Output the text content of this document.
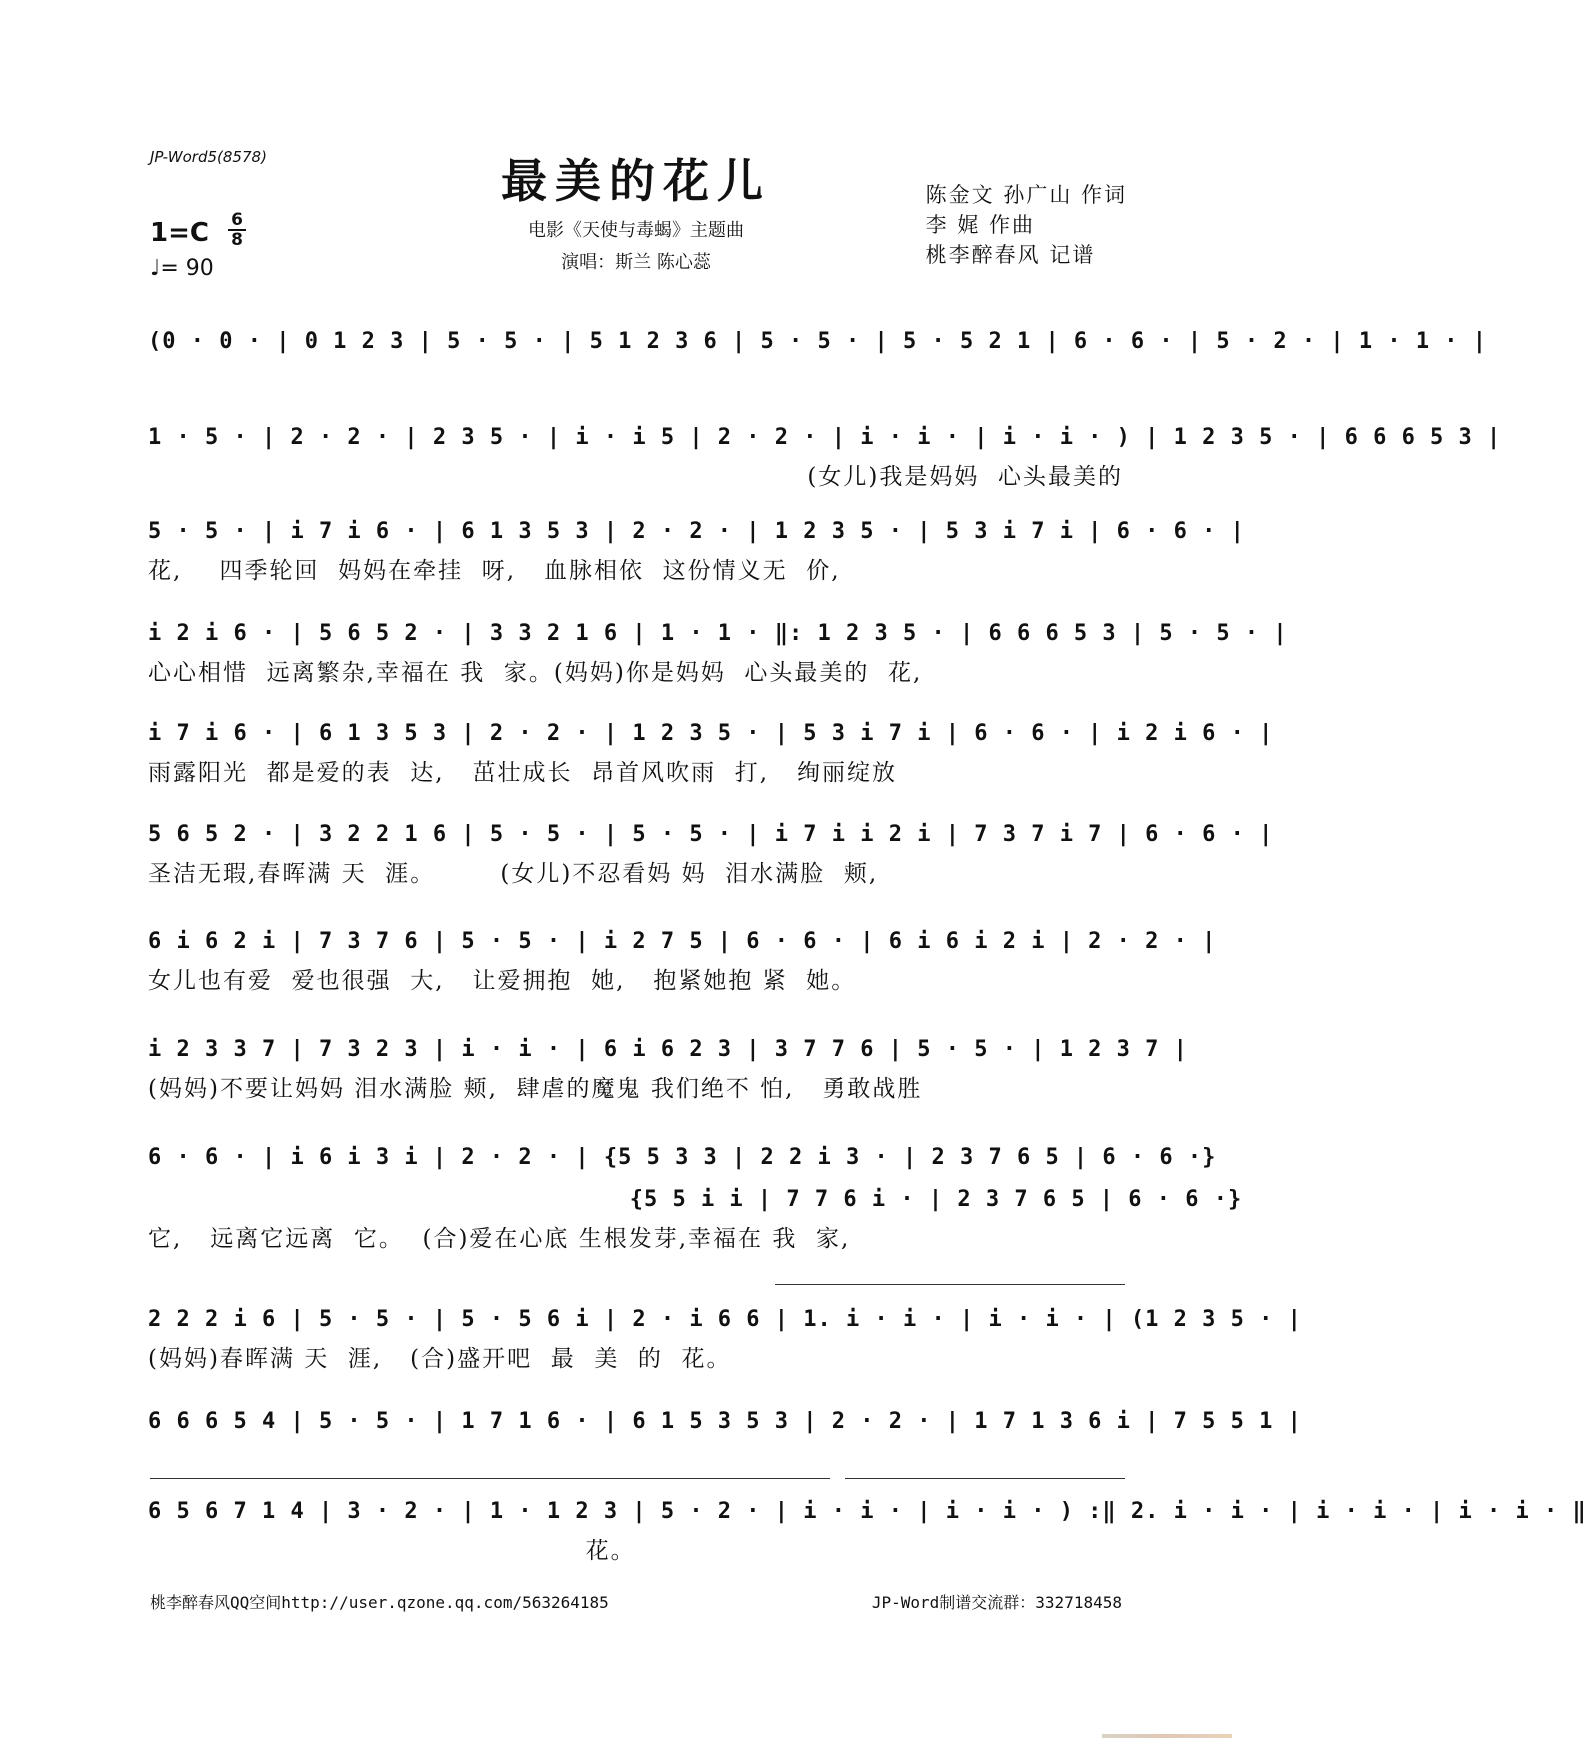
JP-Word5(8578)	最美的花儿
电影《天使与毒蝎》主题曲
演唱：斯兰 陈心蕊
陈金文 孙广山 作词
李 娓 作曲
桃李醉春风 记谱
1=C 6
8
♩= 90
(0 · 0 · | 0 1 2 3 | 5 · 5 · | 5 1 2 3 6 | 5 · 5 · | 5 · 5 2 1 | 6 · 6 · | 5 · 2 · | 1 · 1 · |
1 · 5 · | 2 · 2 · | 2 3 5 · | i · i 5 | 2 · 2 · | i · i · | i · i · ) | 1 2 3 5 · | 6 6 6 5 3 |
(女儿)我是妈妈  心头最美的
5 · 5 · | i 7 i 6 · | 6 1 3 5 3 | 2 · 2 · | 1 2 3 5 · | 5 3 i 7 i | 6 · 6 · |
花,    四季轮回  妈妈在牵挂  呀,   血脉相依  这份情义无  价,
i 2 i 6 · | 5 6 5 2 · | 3 3 2 1 6 | 1 · 1 · ‖: 1 2 3 5 · | 6 6 6 5 3 | 5 · 5 · |
心心相惜  远离繁杂,幸福在 我  家。(妈妈)你是妈妈  心头最美的  花,
i 7 i 6 · | 6 1 3 5 3 | 2 · 2 · | 1 2 3 5 · | 5 3 i 7 i | 6 · 6 · | i 2 i 6 · |
雨露阳光  都是爱的表  达,   茁壮成长  昂首风吹雨  打,   绚丽绽放
5 6 5 2 · | 3 2 2 1 6 | 5 · 5 · | 5 · 5 · | i 7 i i 2 i | 7 3 7 i 7 | 6 · 6 · |
圣洁无瑕,春晖满 天  涯。       (女儿)不忍看妈 妈  泪水满脸  颊,
6 i 6 2 i | 7 3 7 6 | 5 · 5 · | i 2 7 5 | 6 · 6 · | 6 i 6 i 2 i | 2 · 2 · |
女儿也有爱  爱也很强  大,   让爱拥抱  她,   抱紧她抱 紧  她。
i 2 3 3 7 | 7 3 2 3 | i · i · | 6 i 6 2 3 | 3 7 7 6 | 5 · 5 · | 1 2 3 7 |
(妈妈)不要让妈妈 泪水满脸 颊,  肆虐的魔鬼 我们绝不 怕,   勇敢战胜
6 · 6 · | i 6 i 3 i | 2 · 2 · | {5 5 3 3 | 2 2 i 3 · | 2 3 7 6 5 | 6 · 6 ·}
它,   远离它远离  它。  (合)爱在心底 生根发芽,幸福在 我  家,
{5 5 i i | 7 7 6 i · | 2 3 7 6 5 | 6 · 6 ·}
2 2 2 i 6 | 5 · 5 · | 5 · 5 6 i | 2 · i 6 6 | 1. i · i · | i · i · | (1 2 3 5 · |
(妈妈)春晖满 天  涯,   (合)盛开吧  最  美  的  花。
6 6 6 5 4 | 5 · 5 · | 1 7 1 6 · | 6 1 5 3 5 3 | 2 · 2 · | 1 7 1 3 6 i | 7 5 5 1 |
6 5 6 7 1 4 | 3 · 2 · | 1 · 1 2 3 | 5 · 2 · | i · i · | i · i · ) :‖ 2. i · i · | i · i · | i · i · ‖
花。
桃李醉春风QQ空间http://user.qzone.qq.com/563264185	JP-Word制谱交流群：332718458
